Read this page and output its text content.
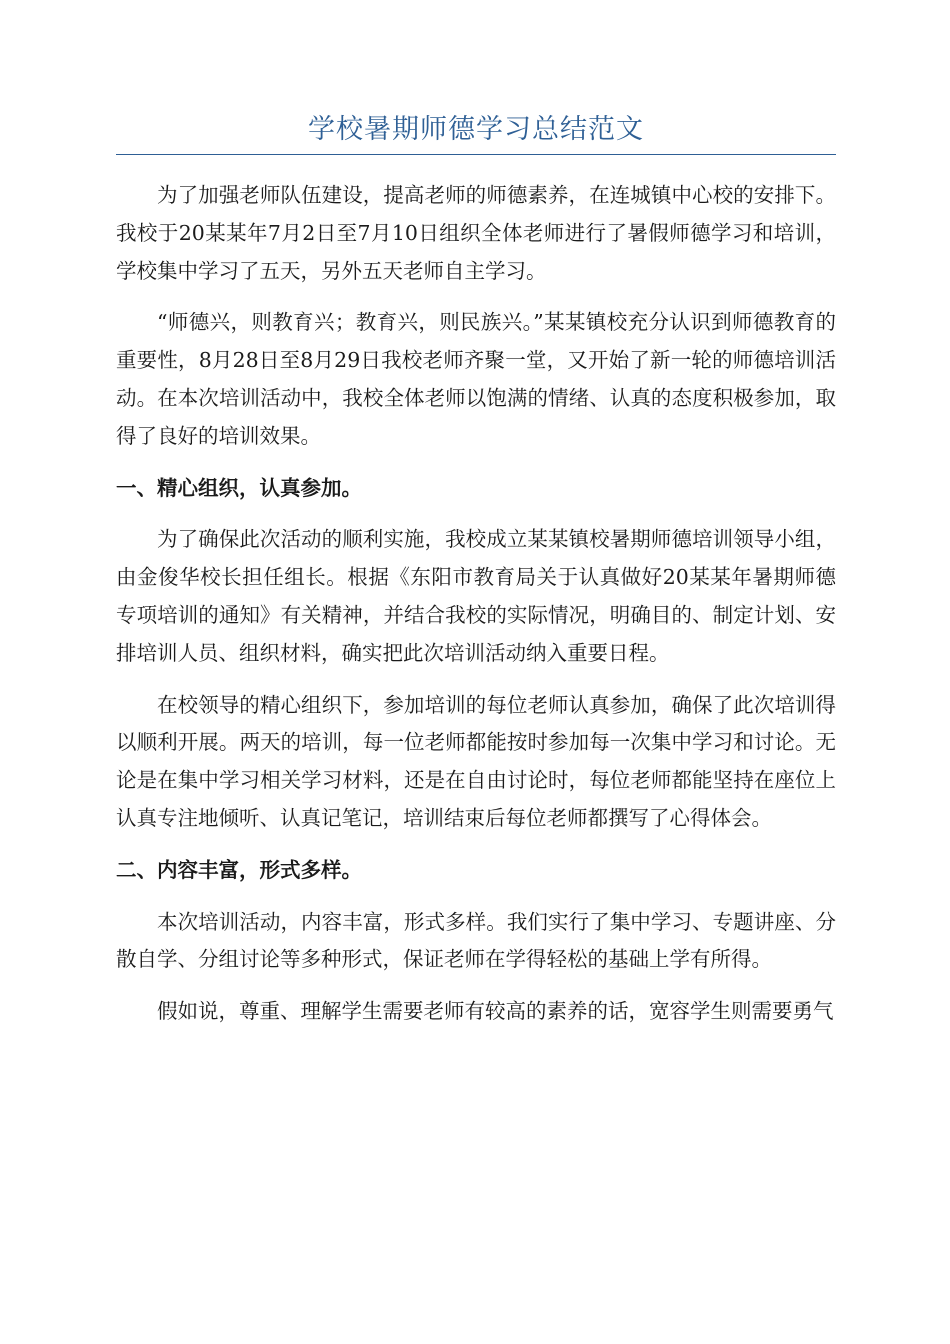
学校暑期师德学习总结范文
为了加强老师队伍建设，提高老师的师德素养，在连城镇中心校的安排下。我校于20某某年7月2日至7月10日组织全体老师进行了暑假师德学习和培训，学校集中学习了五天，另外五天老师自主学习。
“师德兴，则教育兴；教育兴，则民族兴。”某某镇校充分认识到师德教育的重要性，8月28日至8月29日我校老师齐聚一堂，又开始了新一轮的师德培训活动。在本次培训活动中，我校全体老师以饱满的情绪、认真的态度积极参加，取得了良好的培训效果。
一、精心组织，认真参加。
为了确保此次活动的顺利实施，我校成立某某镇校暑期师德培训领导小组，由金俊华校长担任组长。根据《东阳市教育局关于认真做好20某某年暑期师德专项培训的通知》有关精神，并结合我校的实际情况，明确目的、制定计划、安排培训人员、组织材料，确实把此次培训活动纳入重要日程。
在校领导的精心组织下，参加培训的每位老师认真参加，确保了此次培训得以顺利开展。两天的培训，每一位老师都能按时参加每一次集中学习和讨论。无论是在集中学习相关学习材料，还是在自由讨论时，每位老师都能坚持在座位上认真专注地倾听、认真记笔记，培训结束后每位老师都撰写了心得体会。
二、内容丰富，形式多样。
本次培训活动，内容丰富，形式多样。我们实行了集中学习、专题讲座、分散自学、分组讨论等多种形式，保证老师在学得轻松的基础上学有所得。
假如说，尊重、理解学生需要老师有较高的素养的话，宽容学生则需要勇气
